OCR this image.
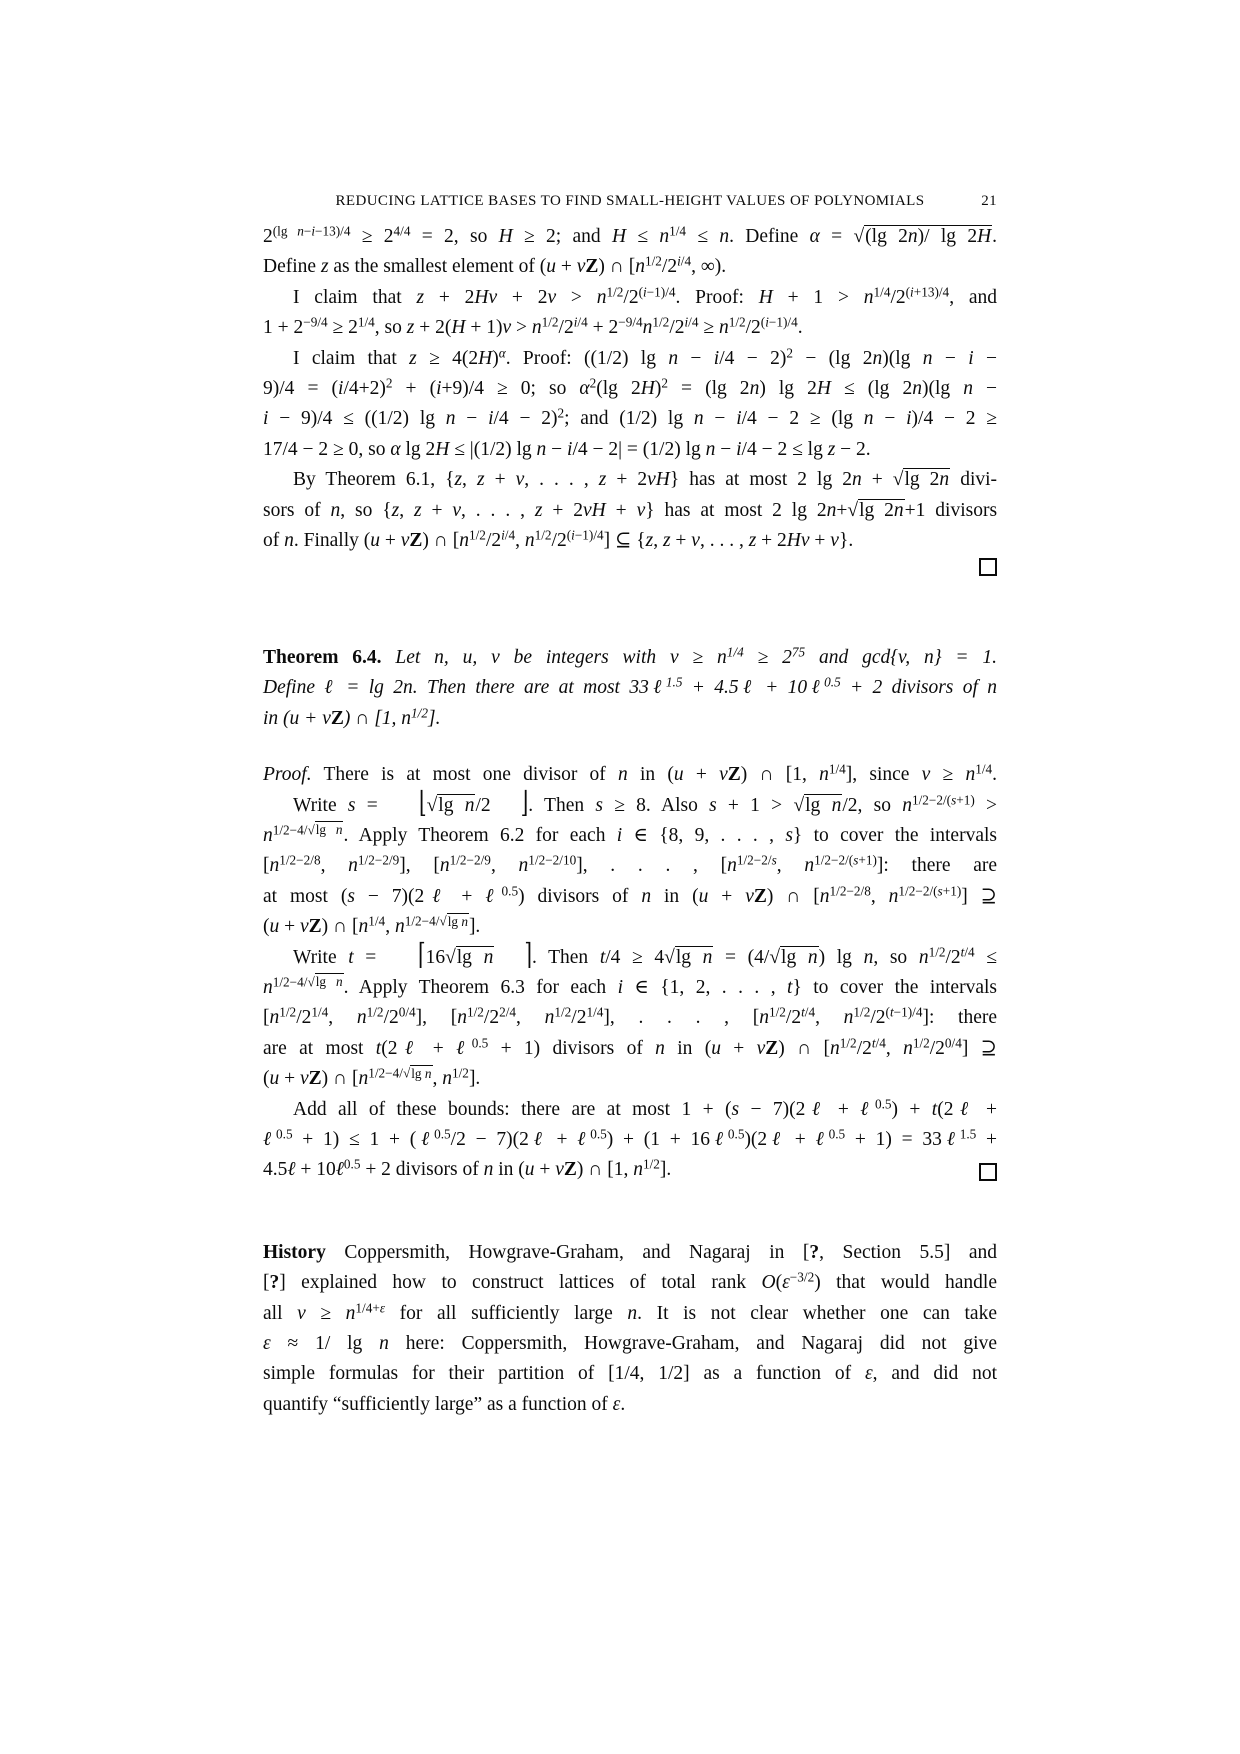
REDUCING LATTICE BASES TO FIND SMALL-HEIGHT VALUES OF POLYNOMIALS	21
$2^{(lg n-i-13)/4} \ge 2^{4/4} = 2$, so H ≥ 2; and $H \le n^{1/4} \le n$. Define α = √(lg 2n)/ lg 2H.
Define z as the smallest element of (u + vZ) ∩ [$n^{1/2}/2^{i/4}$, ∞).
I claim that $z + 2Hv + 2v > n^{1/2}/2^{(i-1)/4}$. Proof: $H + 1 > n^{1/4}/2^{(i+13)/4}$, and
$1 + 2^{-9/4} \ge 2^{1/4}$, so $z + 2(H + 1)v > n^{1/2}/2^{i/4} + 2^{-9/4}n^{1/2}/2^{i/4} \ge n^{1/2}/2^{(i-1)/4}$.
I claim that $z \ge 4(2H)^\alpha$. Proof: ((1/2) lg n − i/4 − 2)$^2$ − (lg 2n)(lg n − i −
$9)/4 = (i/4+2)^2 + (i+9)/4 \ge 0$; so $\alpha^2(\lg$ 2H)$^2$ = (lg 2n) lg 2H ≤ (lg 2n)(lg n −
i − 9)/4 ≤ ((1/2) lg n − i/4 − 2)$^2$; and (1/2) lg n − i/4 − 2 ≥ (lg n − i)/4 − 2 ≥
17/4 − 2 ≥ 0, so α lg 2H ≤ |(1/2) lg n − i/4 − 2| = (1/2) lg n − i/4 − 2 ≤ lg z − 2.
By Theorem 6.1, {z, z + v, . . . , z + 2vH} has at most 2 lg 2n + √lg 2n divi-
sors of n, so {z, z + v, . . . , z + 2vH + v} has at most 2 lg 2n+√lg 2n+1 divisors
of n. Finally (u + vZ) ∩ [$n^{1/2}/2^{i/4}$, $n^{1/2}/2^{(i-1)/4}$] ⊆ {z, z + v, . . . , z + 2Hv + v}.
Theorem 6.4. Let n, u, v be integers with $v \ge n^{1/4} \ge 2^{75}$ and gcd{v, n} = 1.
Define ℓ = lg 2n. Then there are at most 33ℓ$^{1.5}$ + 4.5ℓ + 10ℓ$^{0.5}$ + 2 divisors of n
in (u + vZ) ∩ [1, $n^{1/2}$].
Proof. There is at most one divisor of n in (u + vZ) ∩ [1, $n^{1/4}$], since $v \ge n^{1/4}$.
Write s = ⌊√lg n/2 ⌋. Then s ≥ 8. Also s + 1 > √lg n/2, so $n^{1/2-2/(s+1)}$ >
$n^{1/2-4/√lg n}$. Apply Theorem 6.2 for each i ∈ {8, 9, . . . , s} to cover the intervals
[$n^{1/2-2/8}$, $n^{1/2-2/9}$], [$n^{1/2-2/9}$, $n^{1/2-2/10}$], . . . , [$n^{1/2-2/s}$, $n^{1/2-2/(s+1)}$]: there are
at most (s − 7)(2ℓ + ℓ$^{0.5}$) divisors of n in (u + vZ) ∩ [$n^{1/2-2/8}$, $n^{1/2-2/(s+1)}$] ⊇
(u + vZ) ∩ [$n^{1/4}$, $n^{1/2-4/√lg n}$].
Write t = ⌈16√lg n ⌉. Then t/4 ≥ 4√lg n = (4/√lg n) lg n, so $n^{1/2}/2^{t/4}$ ≤
$n^{1/2-4/√lg n}$. Apply Theorem 6.3 for each i ∈ {1, 2, . . . , t} to cover the intervals
[$n^{1/2}/2^{1/4}$, $n^{1/2}/2^{0/4}$], [$n^{1/2}/2^{2/4}$, $n^{1/2}/2^{1/4}$], . . . , [$n^{1/2}/2^{t/4}$, $n^{1/2}/2^{(t-1)/4}$]: there
are at most t(2ℓ + ℓ$^{0.5}$ + 1) divisors of n in (u + vZ) ∩ [$n^{1/2}/2^{t/4}$, $n^{1/2}/2^{0/4}$] ⊇
(u + vZ) ∩ [$n^{1/2-4/√lg n}$, $n^{1/2}$].
Add all of these bounds: there are at most 1 + (s − 7)(2ℓ + ℓ$^{0.5}$) + t(2ℓ +
ℓ$^{0.5}$ + 1) ≤ 1 + (ℓ$^{0.5}$/2 − 7)(2ℓ + ℓ$^{0.5}$) + (1 + 16ℓ$^{0.5}$)(2ℓ + ℓ$^{0.5}$ + 1) = 33ℓ$^{1.5}$ +
4.5ℓ + 10ℓ$^{0.5}$ + 2 divisors of n in (u + vZ) ∩ [1, $n^{1/2}$].
History Coppersmith, Howgrave-Graham, and Nagaraj in [?, Section 5.5] and
[?] explained how to construct lattices of total rank $O(\varepsilon^{-3/2})$ that would handle
all $v \ge n^{1/4+\varepsilon}$ for all sufficiently large n. It is not clear whether one can take
ε ≈ 1/ lg n here: Coppersmith, Howgrave-Graham, and Nagaraj did not give
simple formulas for their partition of [1/4, 1/2] as a function of ε, and did not
quantify “sufficiently large” as a function of ε.
